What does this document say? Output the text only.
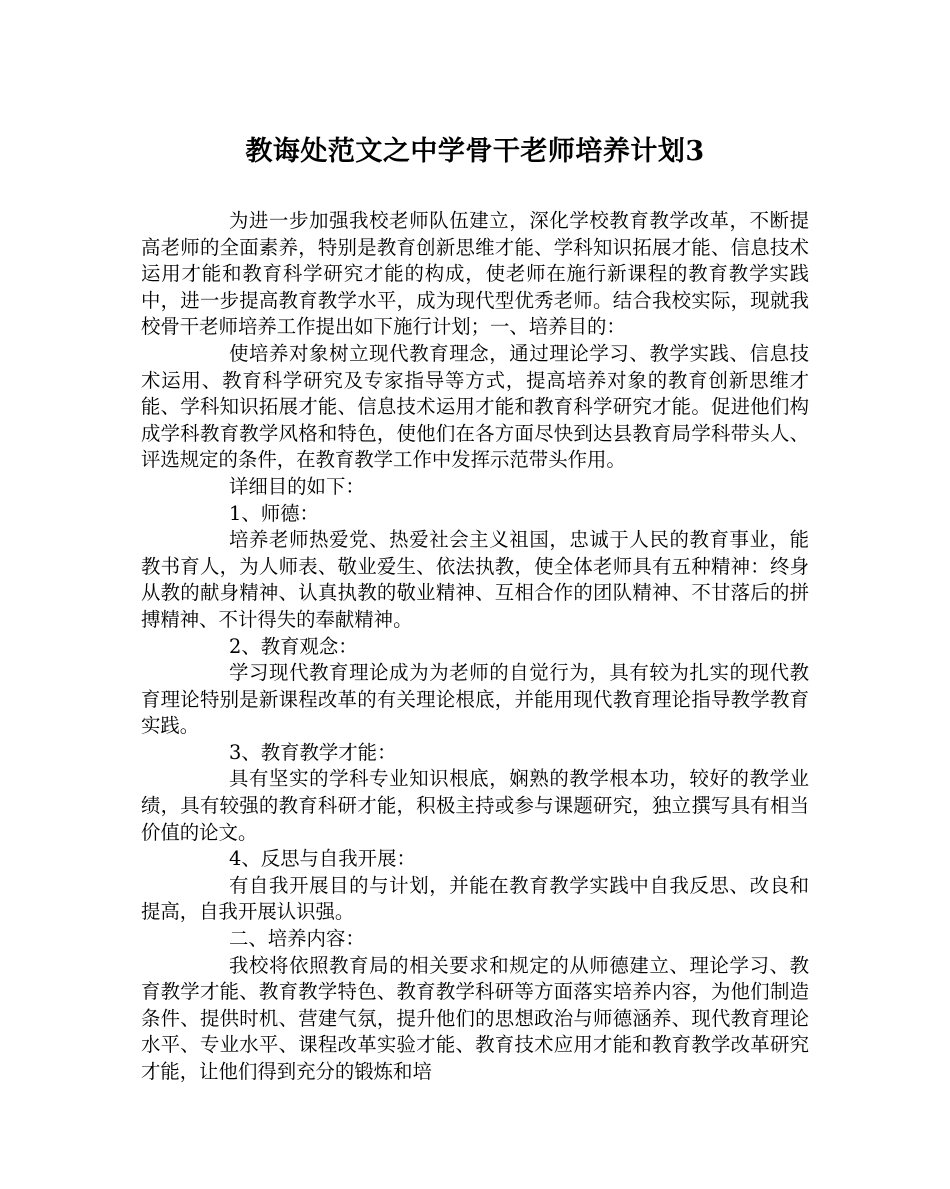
教诲处范文之中学骨干老师培养计划3

为进一步加强我校老师队伍建立，深化学校教育教学改革，不断提高老师的全面素养，特别是教育创新思维才能、学科知识拓展才能、信息技术运用才能和教育科学研究才能的构成，使老师在施行新课程的教育教学实践中，进一步提高教育教学水平，成为现代型优秀老师。结合我校实际，现就我校骨干老师培养工作提出如下施行计划；一、培养目的：

使培养对象树立现代教育理念，通过理论学习、教学实践、信息技术运用、教育科学研究及专家指导等方式，提高培养对象的教育创新思维才能、学科知识拓展才能、信息技术运用才能和教育科学研究才能。促进他们构成学科教育教学风格和特色，使他们在各方面尽快到达县教育局学科带头人、评选规定的条件，在教育教学工作中发挥示范带头作用。

详细目的如下：

1、师德：

培养老师热爱党、热爱社会主义祖国，忠诚于人民的教育事业，能教书育人，为人师表、敬业爱生、依法执教，使全体老师具有五种精神：终身从教的献身精神、认真执教的敬业精神、互相合作的团队精神、不甘落后的拼搏精神、不计得失的奉献精神。

2、教育观念：

学习现代教育理论成为为老师的自觉行为，具有较为扎实的现代教育理论特别是新课程改革的有关理论根底，并能用现代教育理论指导教学教育实践。

3、教育教学才能：

具有坚实的学科专业知识根底，娴熟的教学根本功，较好的教学业绩，具有较强的教育科研才能，积极主持或参与课题研究，独立撰写具有相当价值的论文。

4、反思与自我开展：

有自我开展目的与计划，并能在教育教学实践中自我反思、改良和提高，自我开展认识强。

二、培养内容：

我校将依照教育局的相关要求和规定的从师德建立、理论学习、教育教学才能、教育教学特色、教育教学科研等方面落实培养内容，为他们制造条件、提供时机、营建气氛，提升他们的思想政治与师德涵养、现代教育理论水平、专业水平、课程改革实验才能、教育技术应用才能和教育教学改革研究才能，让他们得到充分的锻炼和培
